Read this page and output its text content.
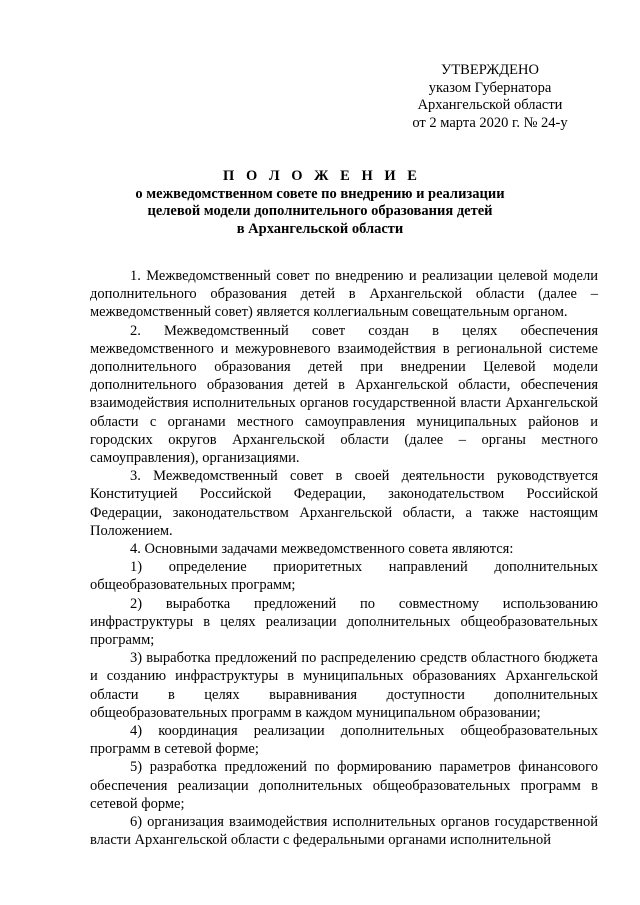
УТВЕРЖДЕНО
указом Губернатора
Архангельской области
от 2 марта 2020 г. № 24-у
П О Л О Ж Е Н И Е
о межведомственном совете по внедрению и реализации
целевой модели дополнительного образования детей
в Архангельской области

1. Межведомственный совет по внедрению и реализации целевой модели дополнительного образования детей в Архангельской области (далее – межведомственный совет) является коллегиальным совещательным органом.

2. Межведомственный совет создан в целях обеспечения межведомственного и межуровневого взаимодействия в региональной системе дополнительного образования детей при внедрении Целевой модели дополнительного образования детей в Архангельской области, обеспечения взаимодействия исполнительных органов государственной власти Архангельской области с органами местного самоуправления муниципальных районов и городских округов Архангельской области (далее – органы местного самоуправления), организациями.

3. Межведомственный совет в своей деятельности руководствуется Конституцией Российской Федерации, законодательством Российской Федерации, законодательством Архангельской области, а также настоящим Положением.

4. Основными задачами межведомственного совета являются:

1) определение приоритетных направлений дополнительных общеобразовательных программ;

2) выработка предложений по совместному использованию инфраструктуры в целях реализации дополнительных общеобразовательных программ;

3) выработка предложений по распределению средств областного бюджета и созданию инфраструктуры в муниципальных образованиях Архангельской области в целях выравнивания доступности дополнительных общеобразовательных программ в каждом муниципальном образовании;

4) координация реализации дополнительных общеобразовательных программ в сетевой форме;

5) разработка предложений по формированию параметров финансового обеспечения реализации дополнительных общеобразовательных программ в сетевой форме;

6) организация взаимодействия исполнительных органов государственной власти Архангельской области с федеральными органами исполнительной
